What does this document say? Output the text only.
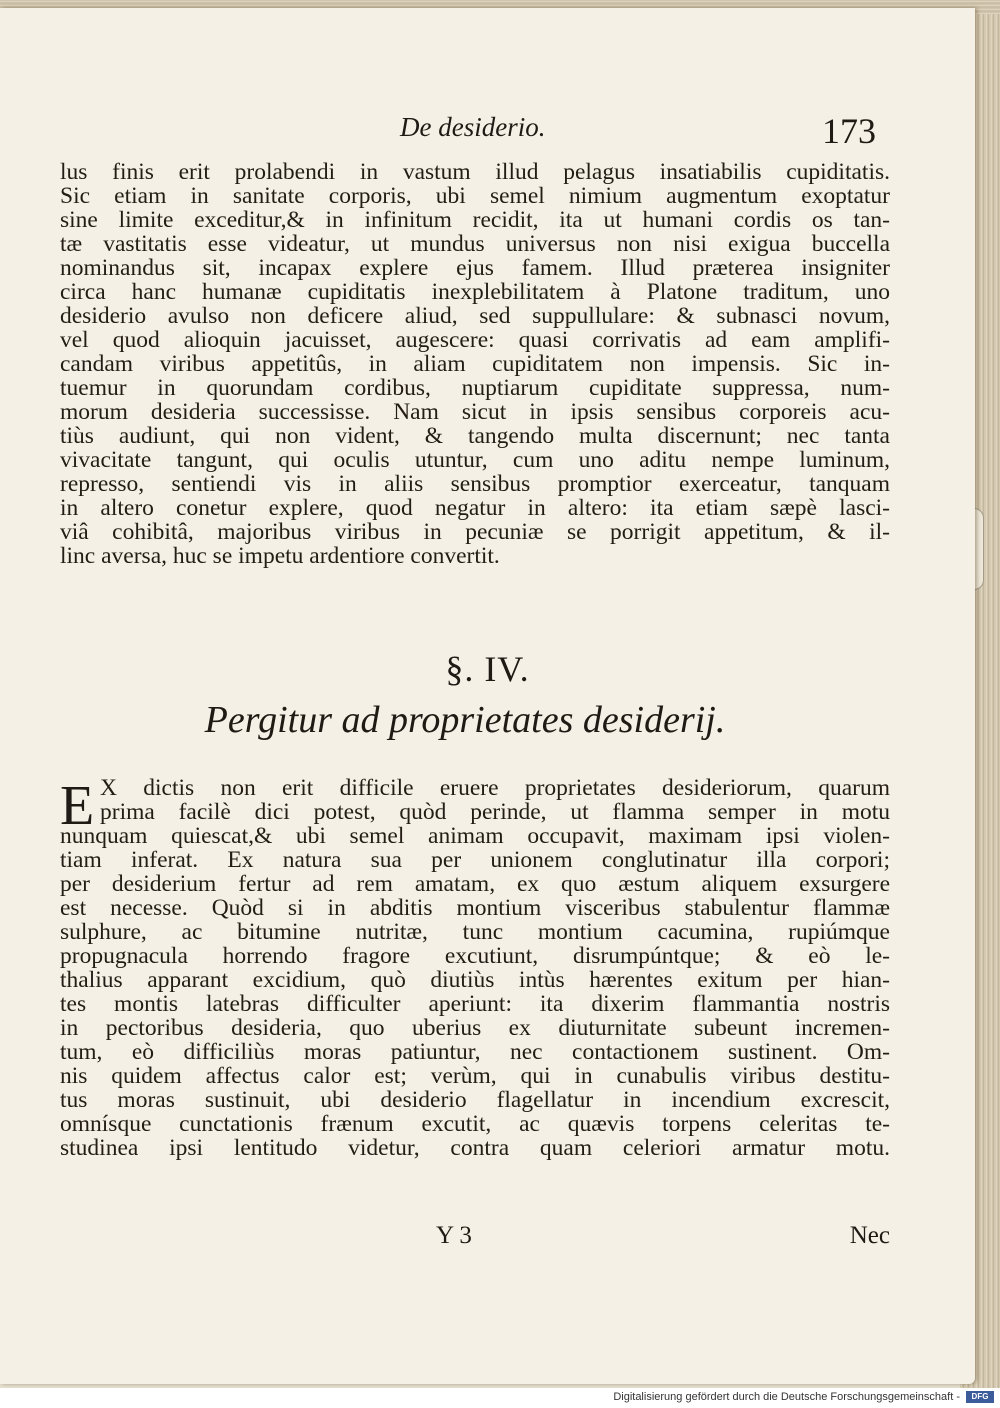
De desiderio.	173
lus finis erit prolabendi in vastum illud pelagus insatiabilis cupiditatis.
Sic etiam in sanitate corporis, ubi semel nimium augmentum exoptatur
sine limite exceditur,& in infinitum recidit, ita ut humani cordis os tan-
tæ vastitatis esse videatur, ut mundus universus non nisi exigua buccella
nominandus sit, incapax explere ejus famem. Illud præterea insigniter
circa hanc humanæ cupiditatis inexplebilitatem à Platone traditum, uno
desiderio avulso non deficere aliud, sed suppullulare: & subnasci novum,
vel quod alioquin jacuisset, augescere: quasi corrivatis ad eam amplifi-
candam viribus appetitûs, in aliam cupiditatem non impensis. Sic in-
tuemur in quorundam cordibus, nuptiarum cupiditate suppressa, num-
morum desideria successisse. Nam sicut in ipsis sensibus corporeis acu-
tiùs audiunt, qui non vident, & tangendo multa discernunt; nec tanta
vivacitate tangunt, qui oculis utuntur, cum uno aditu nempe luminum,
represso, sentiendi vis in aliis sensibus promptior exerceatur, tanquam
in altero conetur explere, quod negatur in altero: ita etiam sæpè lasci-
viâ cohibitâ, majoribus viribus in pecuniæ se porrigit appetitum, & il-
linc aversa, huc se impetu ardentiore convertit.
§. IV.
Pergitur ad proprietates desiderij.
E X dictis non erit difficile eruere proprietates desideriorum, quarum
prima facilè dici potest, quòd perinde, ut flamma semper in motu
nunquam quiescat,& ubi semel animam occupavit, maximam ipsi violen-
tiam inferat. Ex natura sua per unionem conglutinatur illa corpori;
per desiderium fertur ad rem amatam, ex quo æstum aliquem exsurgere
est necesse. Quòd si in abditis montium visceribus stabulentur flammæ
sulphure, ac bitumine nutritæ, tunc montium cacumina, rupiúmque
propugnacula horrendo fragore excutiunt, disrumpúntque; & eò le-
thalius apparant excidium, quò diutiùs intùs hærentes exitum per hian-
tes montis latebras difficulter aperiunt: ita dixerim flammantia nostris
in pectoribus desideria, quo uberius ex diuturnitate subeunt incremen-
tum, eò difficiliùs moras patiuntur, nec contactionem sustinent. Om-
nis quidem affectus calor est; verùm, qui in cunabulis viribus destitu-
tus moras sustinuit, ubi desiderio flagellatur in incendium excrescit,
omnísque cunctationis frænum excutit, ac quævis torpens celeritas te-
studinea ipsi lentitudo videtur, contra quam celeriori armatur motu.
Y 3	Nec
Digitalisierung gefördert durch die Deutsche Forschungsgemeinschaft -	DFG
